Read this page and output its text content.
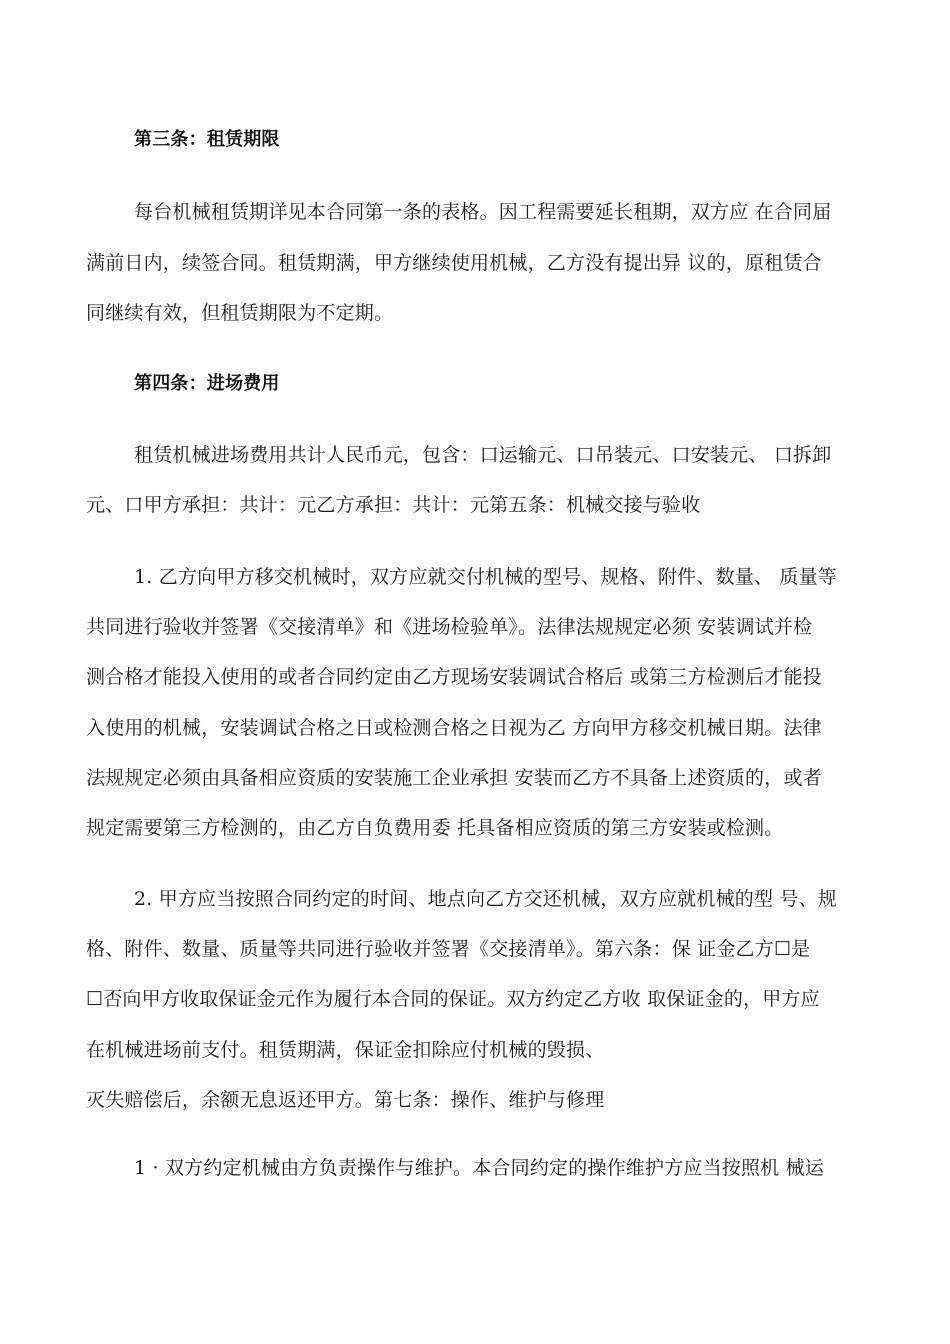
第三条：租赁期限
每台机械租赁期详见本合同第一条的表格。因工程需要延长租期，双方应 在合同届
满前日内，续签合同。租赁期满，甲方继续使用机械，乙方没有提出异 议的，原租赁合
同继续有效，但租赁期限为不定期。
第四条：进场费用
租赁机械进场费用共计人民币元，包含：口运输元、口吊装元、口安装元、 口拆卸
元、口甲方承担：共计：元乙方承担：共计：元第五条：机械交接与验收
1. 乙方向甲方移交机械时，双方应就交付机械的型号、规格、附件、数量、 质量等
共同进行验收并签署《交接清单》和《进场检验单》。法律法规规定必须 安装调试并检
测合格才能投入使用的或者合同约定由乙方现场安装调试合格后 或第三方检测后才能投
入使用的机械，安装调试合格之日或检测合格之日视为乙 方向甲方移交机械日期。法律
法规规定必须由具备相应资质的安装施工企业承担 安装而乙方不具备上述资质的，或者
规定需要第三方检测的，由乙方自负费用委 托具备相应资质的第三方安装或检测。
2. 甲方应当按照合同约定的时间、地点向乙方交还机械，双方应就机械的型 号、规
格、附件、数量、质量等共同进行验收并签署《交接清单》。第六条：保 证金乙方☐是
☐否向甲方收取保证金元作为履行本合同的保证。双方约定乙方收 取保证金的，甲方应
在机械进场前支付。租赁期满，保证金扣除应付机械的毁损、
灭失赔偿后，余额无息返还甲方。第七条：操作、维护与修理
1 · 双方约定机械由方负责操作与维护。本合同约定的操作维护方应当按照机 械运
